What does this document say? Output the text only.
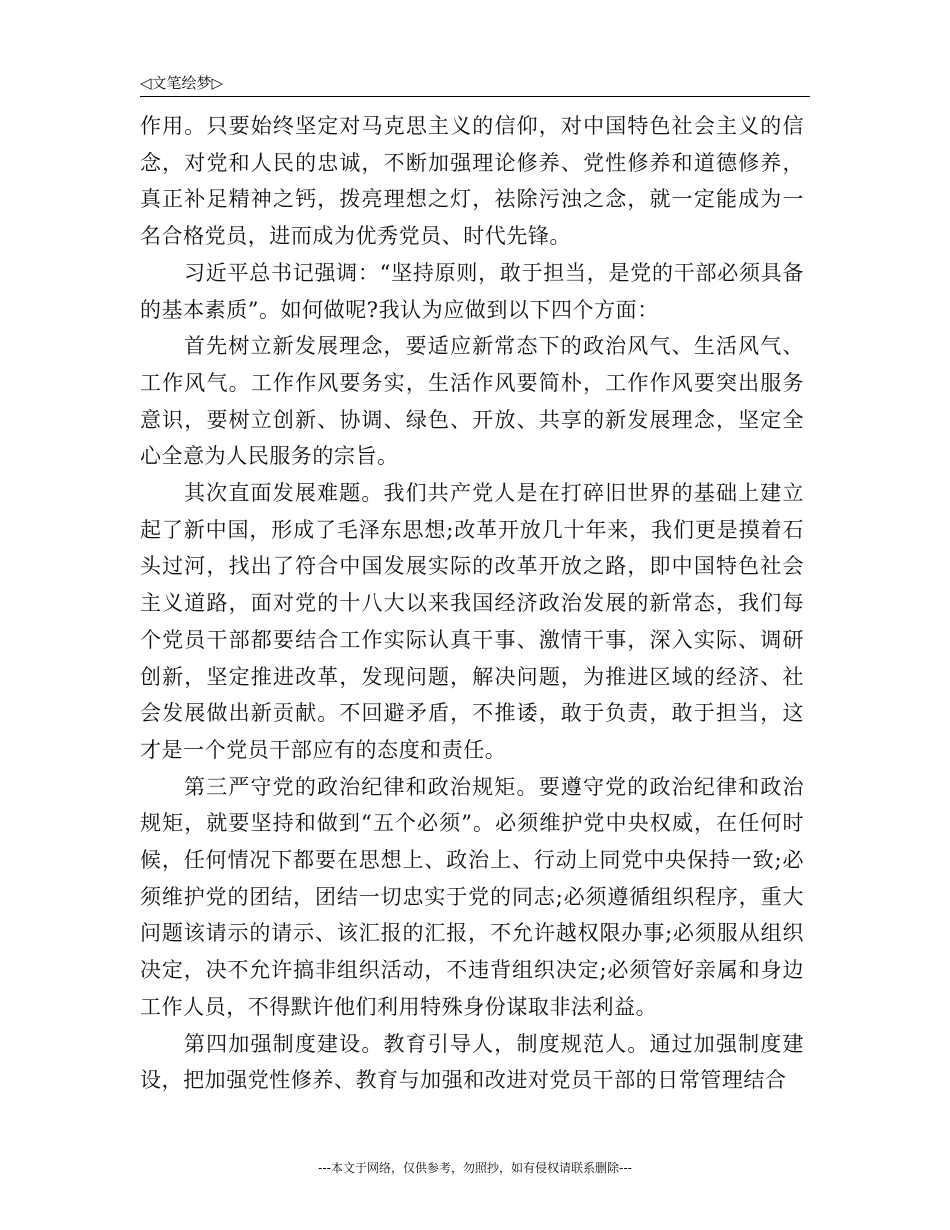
◁文笔绘梦▷

作用。只要始终坚定对马克思主义的信仰，对中国特色社会主义的信念，对党和人民的忠诚，不断加强理论修养、党性修养和道德修养，真正补足精神之钙，拨亮理想之灯，祛除污浊之念，就一定能成为一名合格党员，进而成为优秀党员、时代先锋。

习近平总书记强调：“坚持原则，敢于担当，是党的干部必须具备的基本素质”。如何做呢?我认为应做到以下四个方面：

首先树立新发展理念，要适应新常态下的政治风气、生活风气、工作风气。工作作风要务实，生活作风要简朴，工作作风要突出服务意识，要树立创新、协调、绿色、开放、共享的新发展理念，坚定全心全意为人民服务的宗旨。

其次直面发展难题。我们共产党人是在打碎旧世界的基础上建立起了新中国，形成了毛泽东思想;改革开放几十年来，我们更是摸着石头过河，找出了符合中国发展实际的改革开放之路，即中国特色社会主义道路，面对党的十八大以来我国经济政治发展的新常态，我们每个党员干部都要结合工作实际认真干事、激情干事，深入实际、调研创新，坚定推进改革，发现问题，解决问题，为推进区域的经济、社会发展做出新贡献。不回避矛盾，不推诿，敢于负责，敢于担当，这才是一个党员干部应有的态度和责任。

第三严守党的政治纪律和政治规矩。要遵守党的政治纪律和政治规矩，就要坚持和做到“五个必须”。必须维护党中央权威，在任何时候，任何情况下都要在思想上、政治上、行动上同党中央保持一致;必须维护党的团结，团结一切忠实于党的同志;必须遵循组织程序，重大问题该请示的请示、该汇报的汇报，不允许越权限办事;必须服从组织决定，决不允许搞非组织活动，不违背组织决定;必须管好亲属和身边工作人员，不得默许他们利用特殊身份谋取非法利益。

第四加强制度建设。教育引导人，制度规范人。通过加强制度建设，把加强党性修养、教育与加强和改进对党员干部的日常管理结合

---本文于网络，仅供参考，勿照抄，如有侵权请联系删除---
